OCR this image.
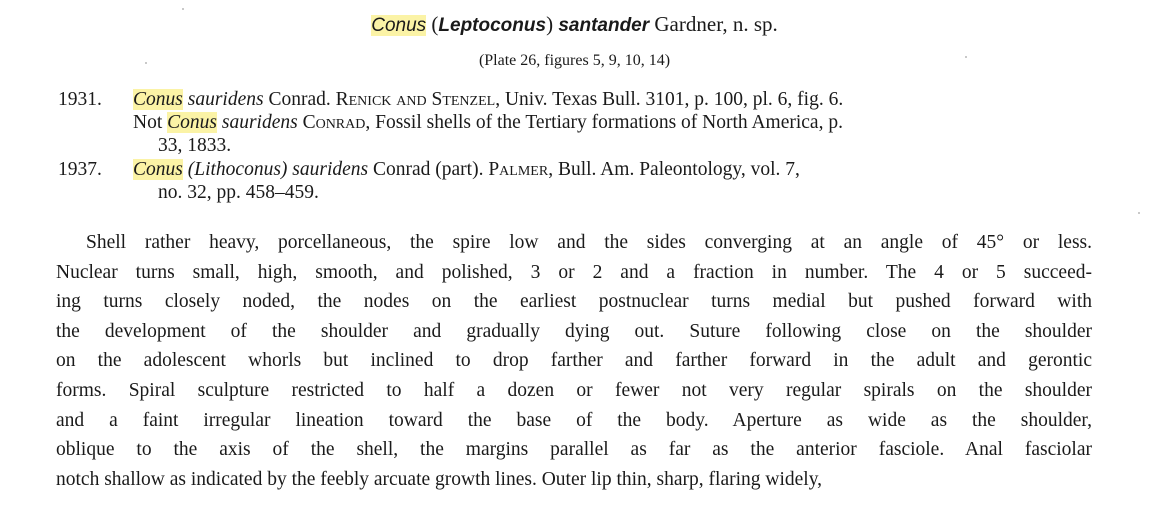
Conus (Leptoconus) santander Gardner, n. sp.
(Plate 26, figures 5, 9, 10, 14)
1931.	Conus sauridens Conrad. Renick and Stenzel, Univ. Texas Bull. 3101, p. 100, pl. 6, fig. 6.
Not Conus sauridens Conrad, Fossil shells of the Tertiary formations of North America, p.
33, 1833.
1937.	Conus (Lithoconus) sauridens Conrad (part). Palmer, Bull. Am. Paleontology, vol. 7,
no. 32, pp. 458–459.
Shell rather heavy, porcellaneous, the spire low and the sides converging at an angle of 45° or less.
Nuclear turns small, high, smooth, and polished, 3 or 2 and a fraction in number. The 4 or 5 succeed-
ing turns closely noded, the nodes on the earliest postnuclear turns medial but pushed forward with
the development of the shoulder and gradually dying out. Suture following close on the shoulder
on the adolescent whorls but inclined to drop farther and farther forward in the adult and gerontic
forms. Spiral sculpture restricted to half a dozen or fewer not very regular spirals on the shoulder
and a faint irregular lineation toward the base of the body. Aperture as wide as the shoulder,
oblique to the axis of the shell, the margins parallel as far as the anterior fasciole. Anal fasciolar
notch shallow as indicated by the feebly arcuate growth lines. Outer lip thin, sharp, flaring widely,
